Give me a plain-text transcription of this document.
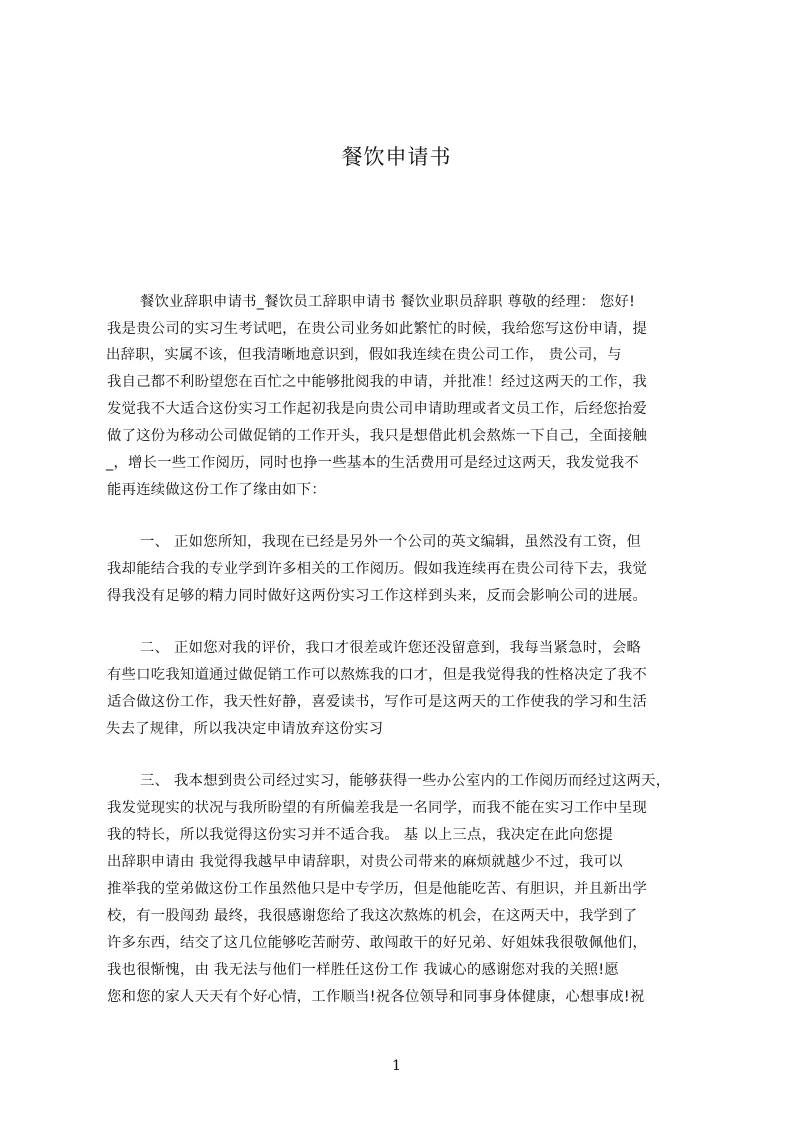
餐饮申请书
餐饮业辞职申请书_餐饮员工辞职申请书 餐饮业职员辞职 尊敬的经理： 您好!
我是贵公司的实习生考试吧，在贵公司业务如此繁忙的时候，我给您写这份申请，提
出辞职，实属不该，但我清晰地意识到，假如我连续在贵公司工作， 贵公司，与
我自己都不利盼望您在百忙之中能够批阅我的申请，并批准！经过这两天的工作，我
发觉我不大适合这份实习工作起初我是向贵公司申请助理或者文员工作，后经您抬爱
做了这份为移动公司做促销的工作开头，我只是想借此机会熬炼一下自己，全面接触
_，增长一些工作阅历，同时也挣一些基本的生活费用可是经过这两天，我发觉我不
能再连续做这份工作了缘由如下：
一、 正如您所知，我现在已经是另外一个公司的英文编辑，虽然没有工资，但
我却能结合我的专业学到许多相关的工作阅历。假如我连续再在贵公司待下去，我觉
得我没有足够的精力同时做好这两份实习工作这样到头来，反而会影响公司的进展。
二、 正如您对我的评价，我口才很差或许您还没留意到，我每当紧急时，会略
有些口吃我知道通过做促销工作可以熬炼我的口才，但是我觉得我的性格决定了我不
适合做这份工作，我天性好静，喜爱读书，写作可是这两天的工作使我的学习和生活
失去了规律，所以我决定申请放弃这份实习
三、 我本想到贵公司经过实习，能够获得一些办公室内的工作阅历而经过这两天，
我发觉现实的状况与我所盼望的有所偏差我是一名同学，而我不能在实习工作中呈现
我的特长，所以我觉得这份实习并不适合我。 基 以上三点，我决定在此向您提
出辞职申请由 我觉得我越早申请辞职，对贵公司带来的麻烦就越少不过，我可以
推举我的堂弟做这份工作虽然他只是中专学历，但是他能吃苦、有胆识，并且新出学
校，有一股闯劲 最终，我很感谢您给了我这次熬炼的机会，在这两天中，我学到了
许多东西，结交了这几位能够吃苦耐劳、敢闯敢干的好兄弟、好姐妹我很敬佩他们，
我也很惭愧，由 我无法与他们一样胜任这份工作 我诚心的感谢您对我的关照!愿
您和您的家人天天有个好心情，工作顺当!祝各位领导和同事身体健康，心想事成!祝
1
